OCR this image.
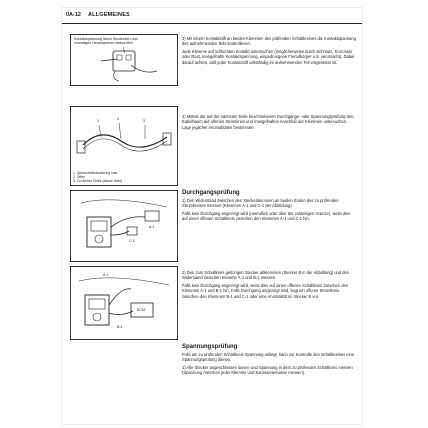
0A-12 ALLGEMEINES
Kontaktspannung durch Einstecken und
einmaliges Herausziehen überprüfen
1	2	3
1. Querschnittsänderung lose
2. Offen
3. Zu dünner Draht (dünne Ader)
A-1
C-1
A-1
B-1
ECM

3) Mit einem Kontaktstift an beiden Klemmen des prüfenden Schaltkreises die Kontaktspannung des aufnehmenden Teils kontrollieren.

Jede Klemme auf schlechten Kontakt untersuchen (möglicherweise durch Schmutz, Korrosion oder Rost, mangelhafte Kontaktspannung, eingedrungene Fremdkörper o.ä. verursacht). Dabei darauf achten, daß jeder Kontaktstift vollständig im aufnehmenden Teil eingerastet ist.

4) Mittels der auf der nächsten Seite beschriebenen Durchgangs- oder Spannungsprüfung den Kabelbaum auf offenen Stromkreis und mangelhaften Anschluß der Klemmen untersuchen. Lage jeglicher Anomalitäten bestimmen.

Durchgangsprüfung

1) Den Widerstand zwischen den Steckerklemmen an beiden Enden des zu prüfenden Stromkreises messen (Klemmen A-1 und C-1 der Abbildung).

Falls kein Durchgang angezeigt wird (unendlich oder über der zulässigen Grenze), weist dies auf einen offenen Schaltkreis zwischen den Klemmen A-1 und C-1 hin.

2) Den zum Schaltkreis gehörigen Stecker abklemmen (Stecker B in der Abbildung) und den Widerstand zwischen Klemme A-1 und B-1 messen.

Falls kein Durchgang angezeigt wird, weist dies auf einen offenen Schaltkreis zwischen den Klemmen A-1 und B-1 hin. Falls Durchgang angezeigt wird, liegt ein offener Stromkreis zwischen den Klemmen B-1 und C-1 oder eine Anomalität im Stecker B vor.

Spannungsprüfung

Falls am zu prüfenden Schaltkreis Spannung anliegt, kann zur Kontrolle des Schaltkreises eine Spannungsprüfung dienen.

1) Alle Stecker angeschlossen lassen und Spannung in dem zu prüfenden Schaltkreis messen (Spannung zwischen jeder Klemme und Karosseriemasse messen).
